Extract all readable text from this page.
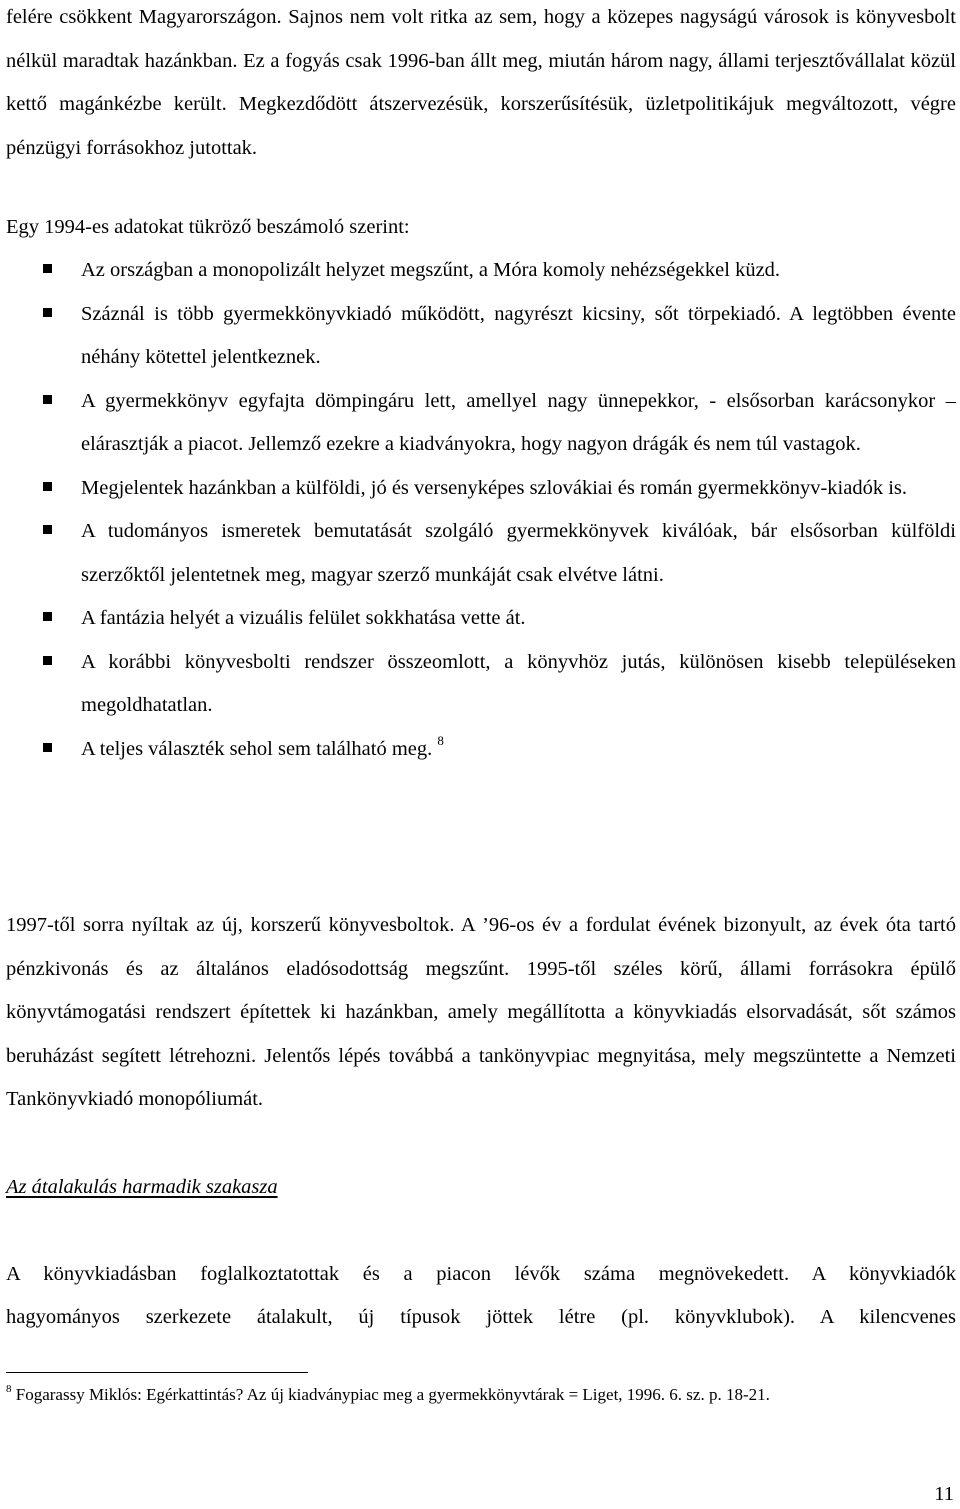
felére csökkent Magyarországon. Sajnos nem volt ritka az sem, hogy a közepes nagyságú városok is könyvesbolt nélkül maradtak hazánkban. Ez a fogyás csak 1996-ban állt meg, miután három nagy, állami terjesztővállalat közül kettő magánkézbe került. Megkezdődött átszervezésük, korszerűsítésük, üzletpolitikájuk megváltozott, végre pénzügyi forrásokhoz jutottak.

Egy 1994-es adatokat tükröző beszámoló szerint:

Az országban a monopolizált helyzet megszűnt, a Móra komoly nehézségekkel küzd.
Száznál is több gyermekkönyvkiadó működött, nagyrészt kicsiny, sőt törpekiadó. A legtöbben évente néhány kötettel jelentkeznek.
A gyermekkönyv egyfajta dömpingáru lett, amellyel nagy ünnepekkor, - elsősorban karácsonykor – elárasztják a piacot. Jellemző ezekre a kiadványokra, hogy nagyon drágák és nem túl vastagok.
Megjelentek hazánkban a külföldi, jó és versenyképes szlovákiai és román gyermekkönyv-kiadók is.
A tudományos ismeretek bemutatását szolgáló gyermekkönyvek kiválóak, bár elsősorban külföldi szerzőktől jelentetnek meg, magyar szerző munkáját csak elvétve látni.
A fantázia helyét a vizuális felület sokkhatása vette át.
A korábbi könyvesbolti rendszer összeomlott, a könyvhöz jutás, különösen kisebb településeken megoldhatatlan.
A teljes választék sehol sem található meg. $^8$

1997-től sorra nyíltak az új, korszerű könyvesboltok. A ’96-os év a fordulat évének bizonyult, az évek óta tartó pénzkivonás és az általános eladósodottság megszűnt. 1995-től széles körű, állami forrásokra épülő könyvtámogatási rendszert építettek ki hazánkban, amely megállította a könyvkiadás elsorvadását, sőt számos beruházást segített létrehozni. Jelentős lépés továbbá a tankönyvpiac megnyitása, mely megszüntette a Nemzeti Tankönyvkiadó monopóliumát.

Az átalakulás harmadik szakasza

A könyvkiadásban foglalkoztatottak és a piacon lévők száma megnövekedett. A könyvkiadók

hagyományos szerkezete átalakult, új típusok jöttek létre (pl. könyvklubok). A kilencvenes

$^8$ Fogarassy Miklós: Egérkattintás? Az új kiadványpiac meg a gyermekkönyvtárak = Liget, 1996. 6. sz. p. 18-21.

11
